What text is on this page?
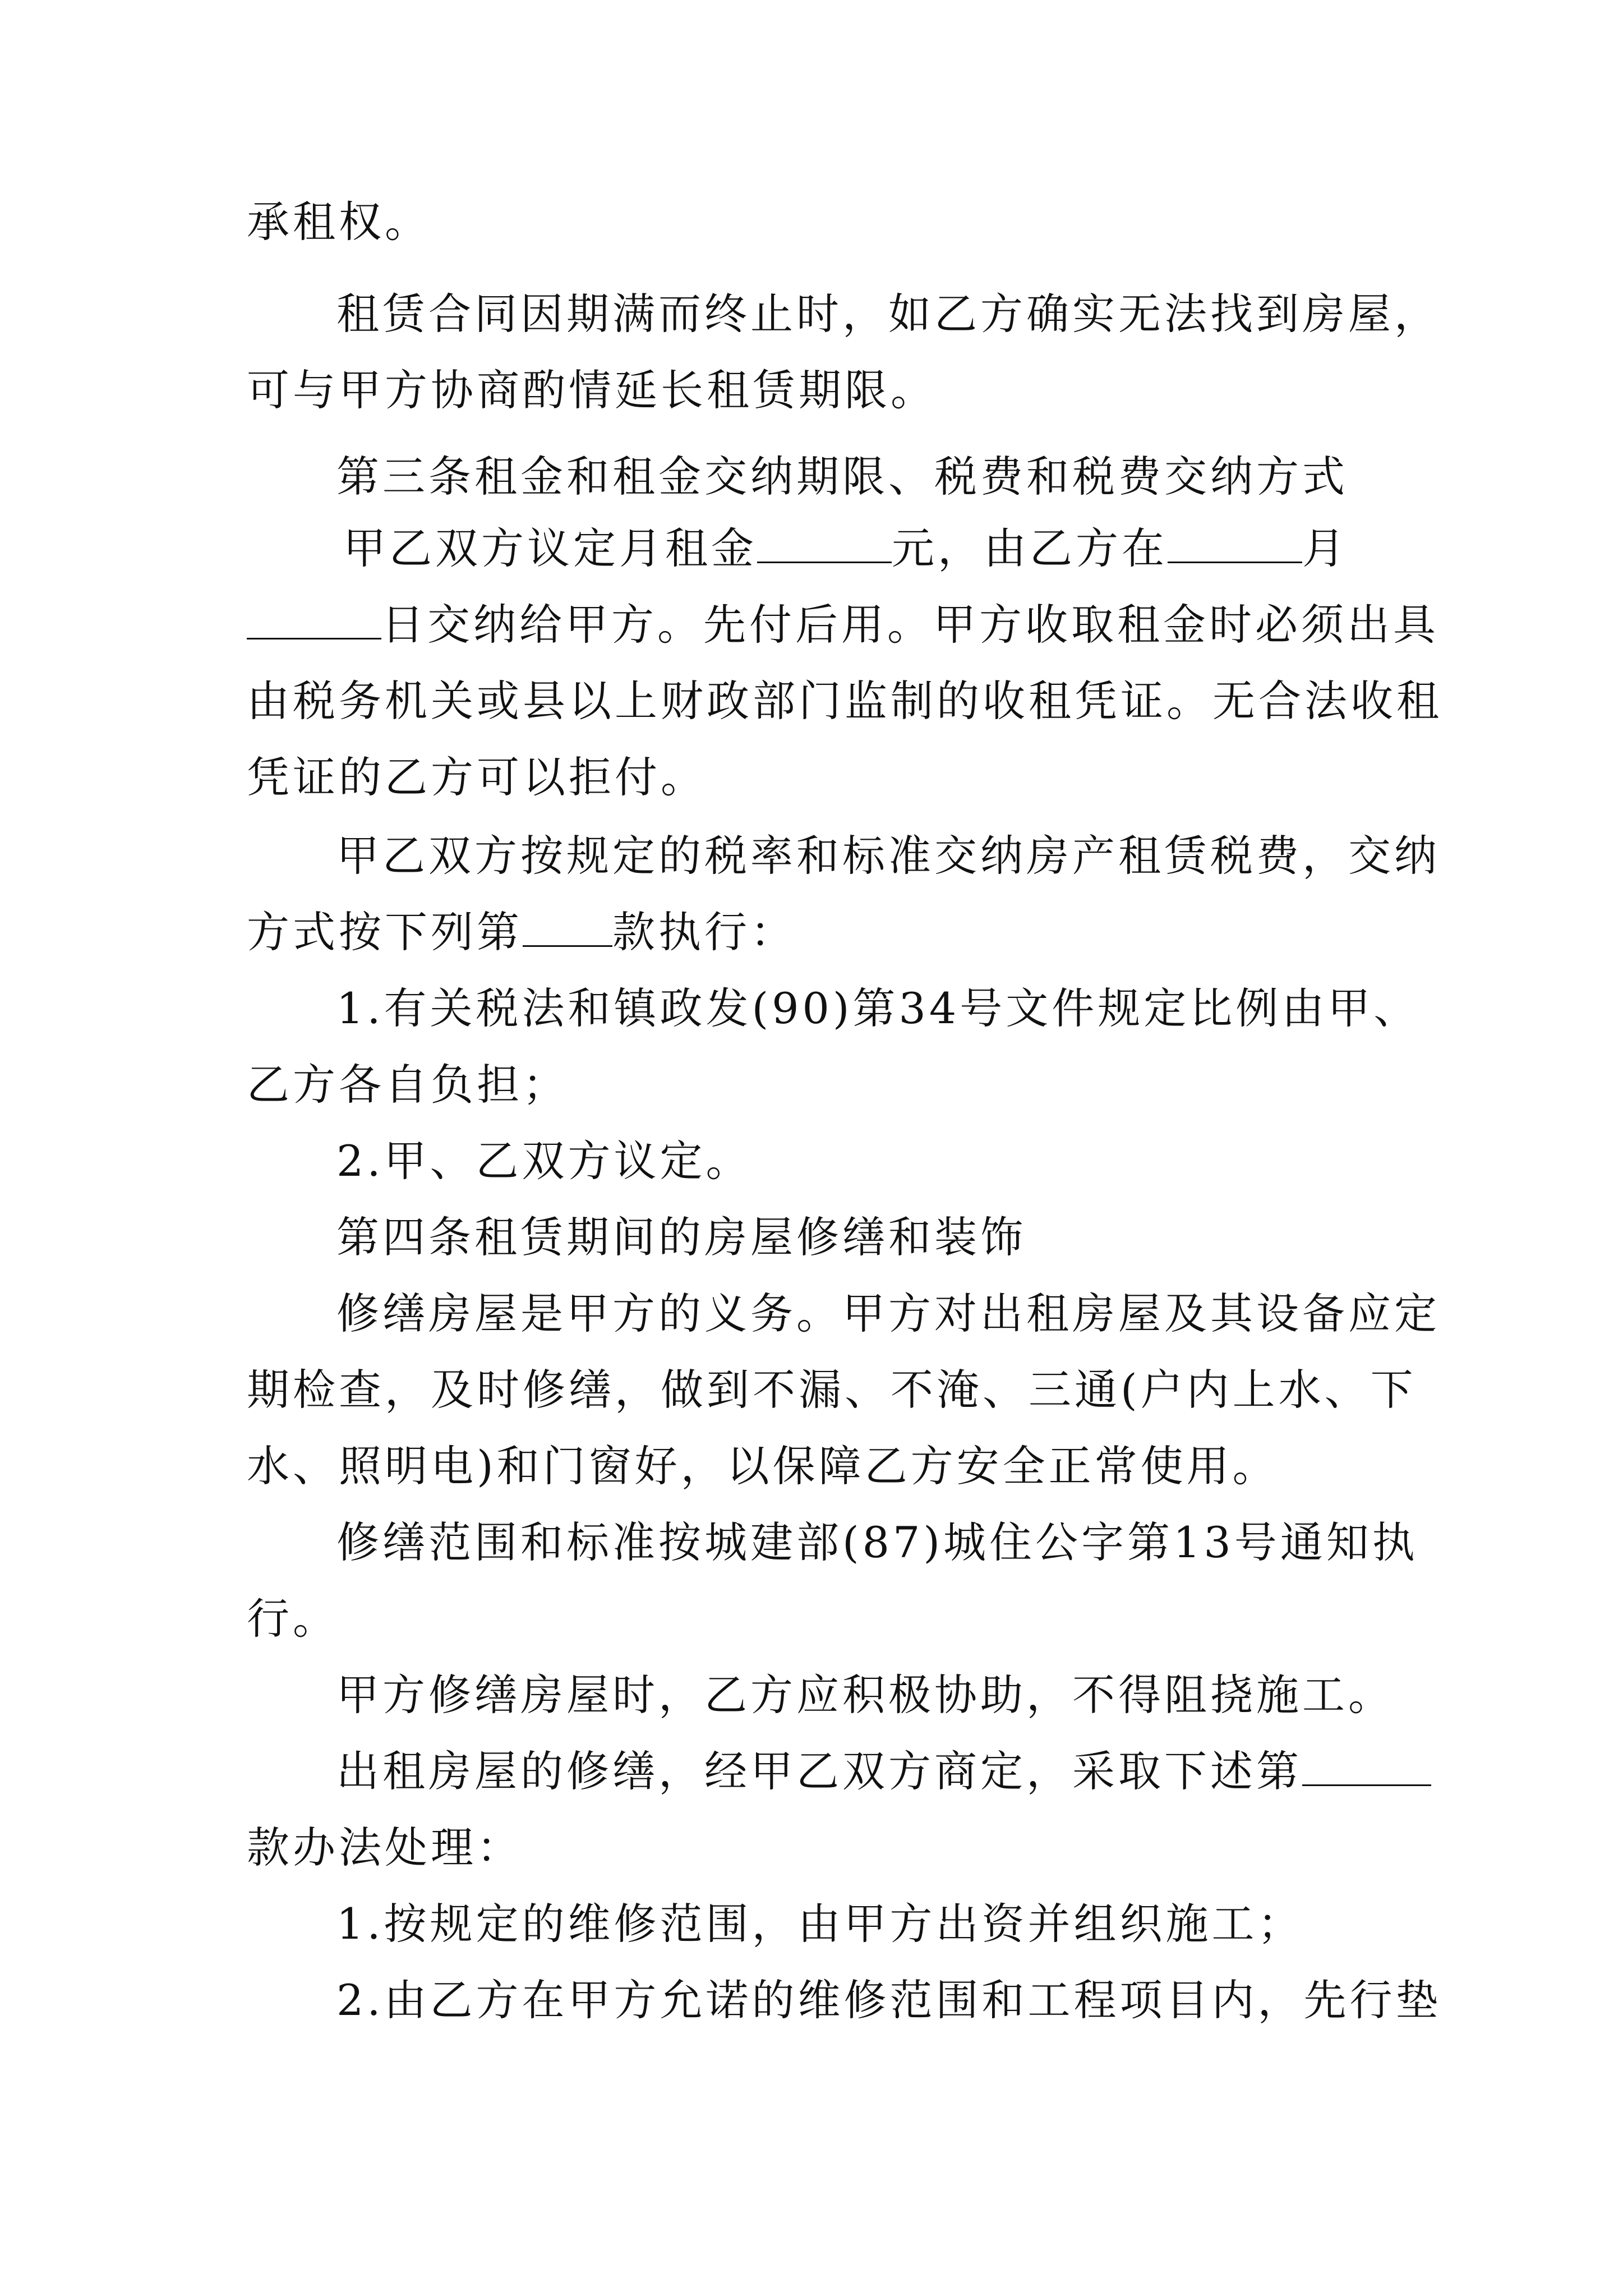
承租权。
租赁合同因期满而终止时，如乙方确实无法找到房屋，
可与甲方协商酌情延长租赁期限。
第三条租金和租金交纳期限、税费和税费交纳方式
甲乙双方议定月租金	元，由乙方在	月
日交纳给甲方。先付后用。甲方收取租金时必须出具
由税务机关或县以上财政部门监制的收租凭证。无合法收租
凭证的乙方可以拒付。
甲乙双方按规定的税率和标准交纳房产租赁税费，交纳
方式按下列第 款执行：
1.有关税法和镇政发(90)第34号文件规定比例由甲、
乙方各自负担；
2.甲、乙双方议定。
第四条租赁期间的房屋修缮和装饰
修缮房屋是甲方的义务。甲方对出租房屋及其设备应定
期检查，及时修缮，做到不漏、不淹、三通(户内上水、下
水、照明电)和门窗好，以保障乙方安全正常使用。
修缮范围和标准按城建部(87)城住公字第13号通知执
行。
甲方修缮房屋时，乙方应积极协助，不得阻挠施工。
出租房屋的修缮，经甲乙双方商定，采取下述第
款办法处理：
1.按规定的维修范围，由甲方出资并组织施工；
2.由乙方在甲方允诺的维修范围和工程项目内，先行垫
